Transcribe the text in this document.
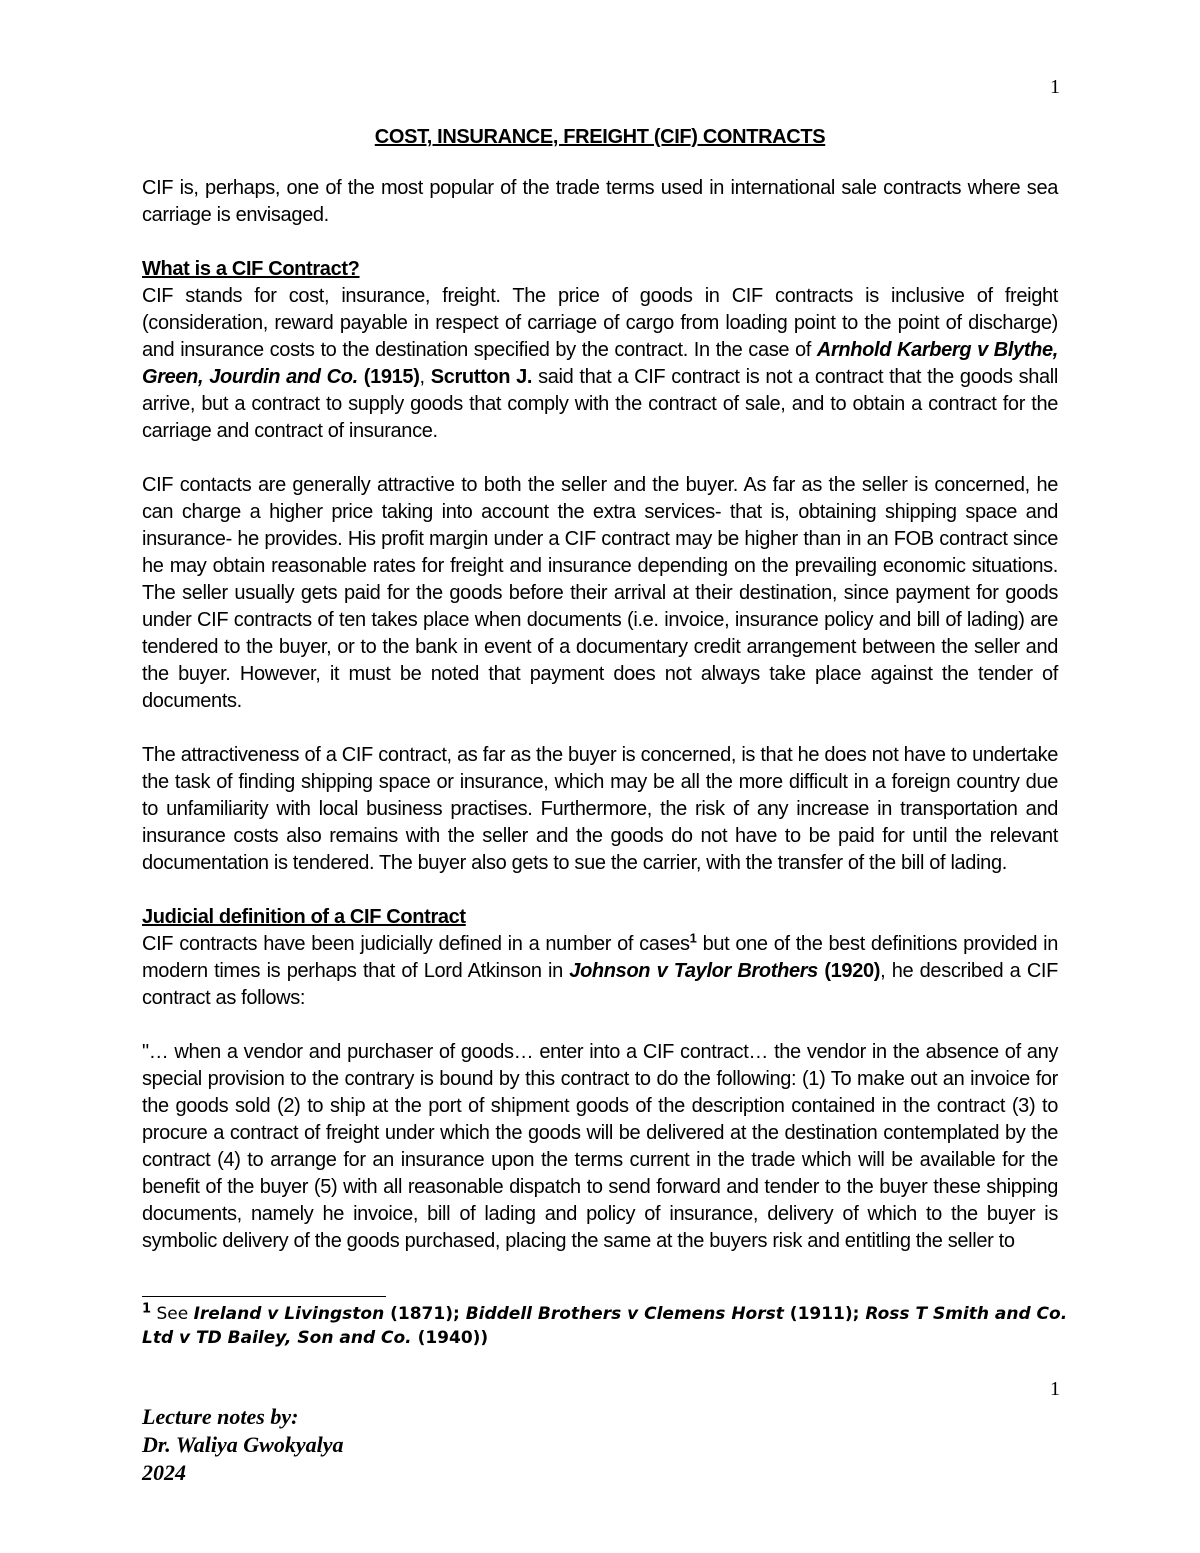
1
COST, INSURANCE, FREIGHT (CIF) CONTRACTS

CIF is, perhaps, one of the most popular of the trade terms used in international sale contracts where sea carriage is envisaged.

What is a CIF Contract?

CIF stands for cost, insurance, freight. The price of goods in CIF contracts is inclusive of freight (consideration, reward payable in respect of carriage of cargo from loading point to the point of discharge) and insurance costs to the destination specified by the contract. In the case of Arnhold Karberg v Blythe, Green, Jourdin and Co. (1915), Scrutton J. said that a CIF contract is not a contract that the goods shall arrive, but a contract to supply goods that comply with the contract of sale, and to obtain a contract for the carriage and contract of insurance.

CIF contacts are generally attractive to both the seller and the buyer. As far as the seller is concerned, he can charge a higher price taking into account the extra services- that is, obtaining shipping space and insurance- he provides. His profit margin under a CIF contract may be higher than in an FOB contract since he may obtain reasonable rates for freight and insurance depending on the prevailing economic situations. The seller usually gets paid for the goods before their arrival at their destination, since payment for goods under CIF contracts of ten takes place when documents (i.e. invoice, insurance policy and bill of lading) are tendered to the buyer, or to the bank in event of a documentary credit arrangement between the seller and the buyer. However, it must be noted that payment does not always take place against the tender of documents.

The attractiveness of a CIF contract, as far as the buyer is concerned, is that he does not have to undertake the task of finding shipping space or insurance, which may be all the more difficult in a foreign country due to unfamiliarity with local business practises. Furthermore, the risk of any increase in transportation and insurance costs also remains with the seller and the goods do not have to be paid for until the relevant documentation is tendered. The buyer also gets to sue the carrier, with the transfer of the bill of lading.

Judicial definition of a CIF Contract

CIF contracts have been judicially defined in a number of cases$^1$ but one of the best definitions provided in modern times is perhaps that of Lord Atkinson in Johnson v Taylor Brothers (1920), he described a CIF contract as follows:

"… when a vendor and purchaser of goods… enter into a CIF contract… the vendor in the absence of any special provision to the contrary is bound by this contract to do the following: (1) To make out an invoice for the goods sold (2) to ship at the port of shipment goods of the description contained in the contract (3) to procure a contract of freight under which the goods will be delivered at the destination contemplated by the contract (4) to arrange for an insurance upon the terms current in the trade which will be available for the benefit of the buyer (5) with all reasonable dispatch to send forward and tender to the buyer these shipping documents, namely he invoice, bill of lading and policy of insurance, delivery of which to the buyer is symbolic delivery of the goods purchased, placing the same at the buyers risk and entitling the seller to

$^1$ See Ireland v Livingston (1871); Biddell Brothers v Clemens Horst (1911); Ross T Smith and Co. Ltd v TD Bailey, Son and Co. (1940))
1
Lecture notes by:
Dr. Waliya Gwokyalya
2024
